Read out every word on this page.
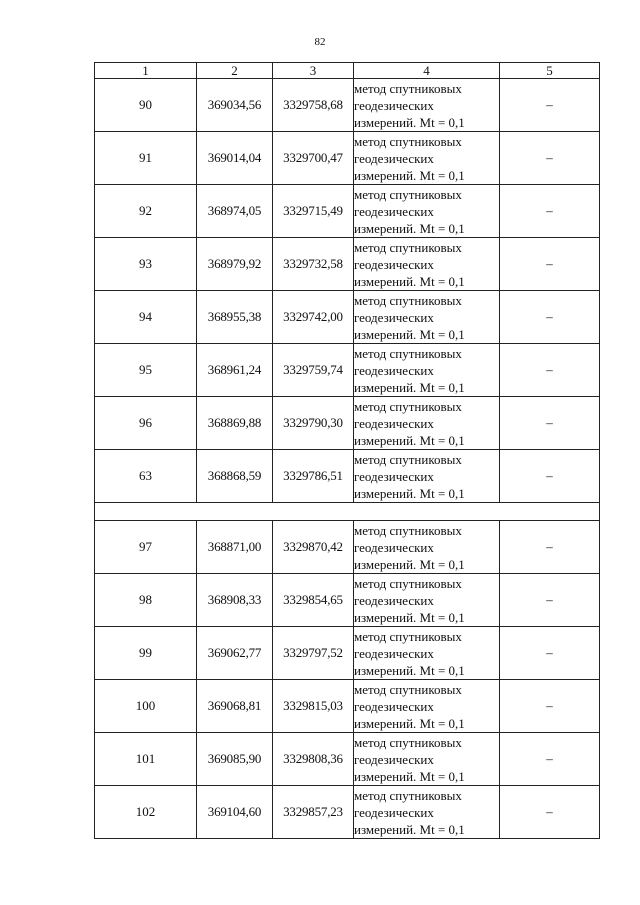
82
1	2	3	4	5
90	369034,56	3329758,68	метод спутниковых
геодезических
измерений. Mt = 0,1	–
91	369014,04	3329700,47	метод спутниковых
геодезических
измерений. Mt = 0,1	–
92	368974,05	3329715,49	метод спутниковых
геодезических
измерений. Mt = 0,1	–
93	368979,92	3329732,58	метод спутниковых
геодезических
измерений. Mt = 0,1	–
94	368955,38	3329742,00	метод спутниковых
геодезических
измерений. Mt = 0,1	–
95	368961,24	3329759,74	метод спутниковых
геодезических
измерений. Mt = 0,1	–
96	368869,88	3329790,30	метод спутниковых
геодезических
измерений. Mt = 0,1	–
63	368868,59	3329786,51	метод спутниковых
геодезических
измерений. Mt = 0,1	–

97	368871,00	3329870,42	метод спутниковых
геодезических
измерений. Mt = 0,1	–
98	368908,33	3329854,65	метод спутниковых
геодезических
измерений. Mt = 0,1	–
99	369062,77	3329797,52	метод спутниковых
геодезических
измерений. Mt = 0,1	–
100	369068,81	3329815,03	метод спутниковых
геодезических
измерений. Mt = 0,1	–
101	369085,90	3329808,36	метод спутниковых
геодезических
измерений. Mt = 0,1	–
102	369104,60	3329857,23	метод спутниковых
геодезических
измерений. Mt = 0,1	–
